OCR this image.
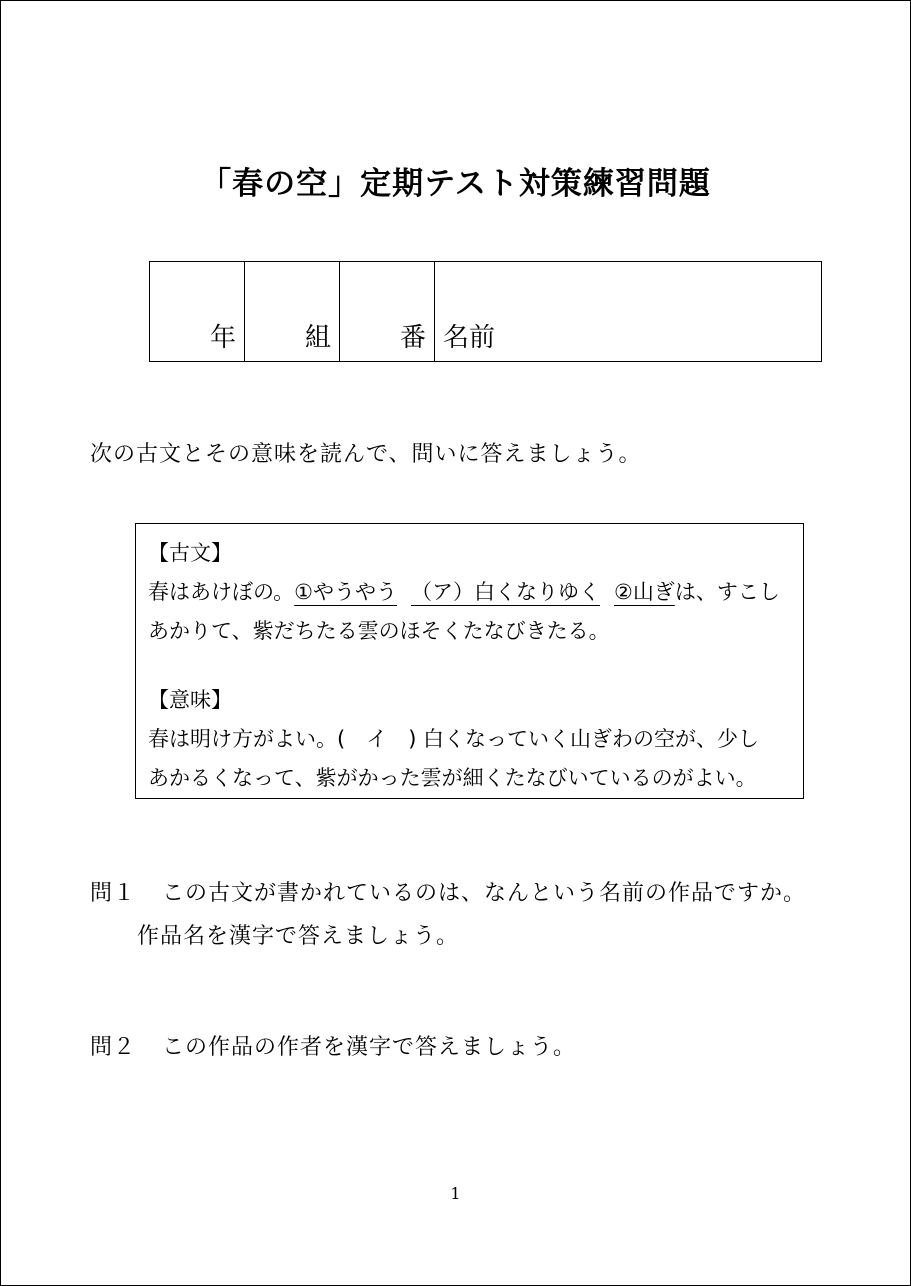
「春の空」定期テスト対策練習問題
年	組	番	名前
次の古文とその意味を読んで、問いに答えましょう。
【古文】
春はあけぼの。①やうやう （ア）白くなりゆく ②山ぎは、すこし
あかりて、紫だちたる雲のほそくたなびきたる。
【意味】
春は明け方がよい。(　イ　) 白くなっていく山ぎわの空が、少し
あかるくなって、紫がかった雲が細くたなびいているのがよい。
問１ この古文が書かれているのは、なんという名前の作品ですか。
作品名を漢字で答えましょう。
問２ この作品の作者を漢字で答えましょう。
1
